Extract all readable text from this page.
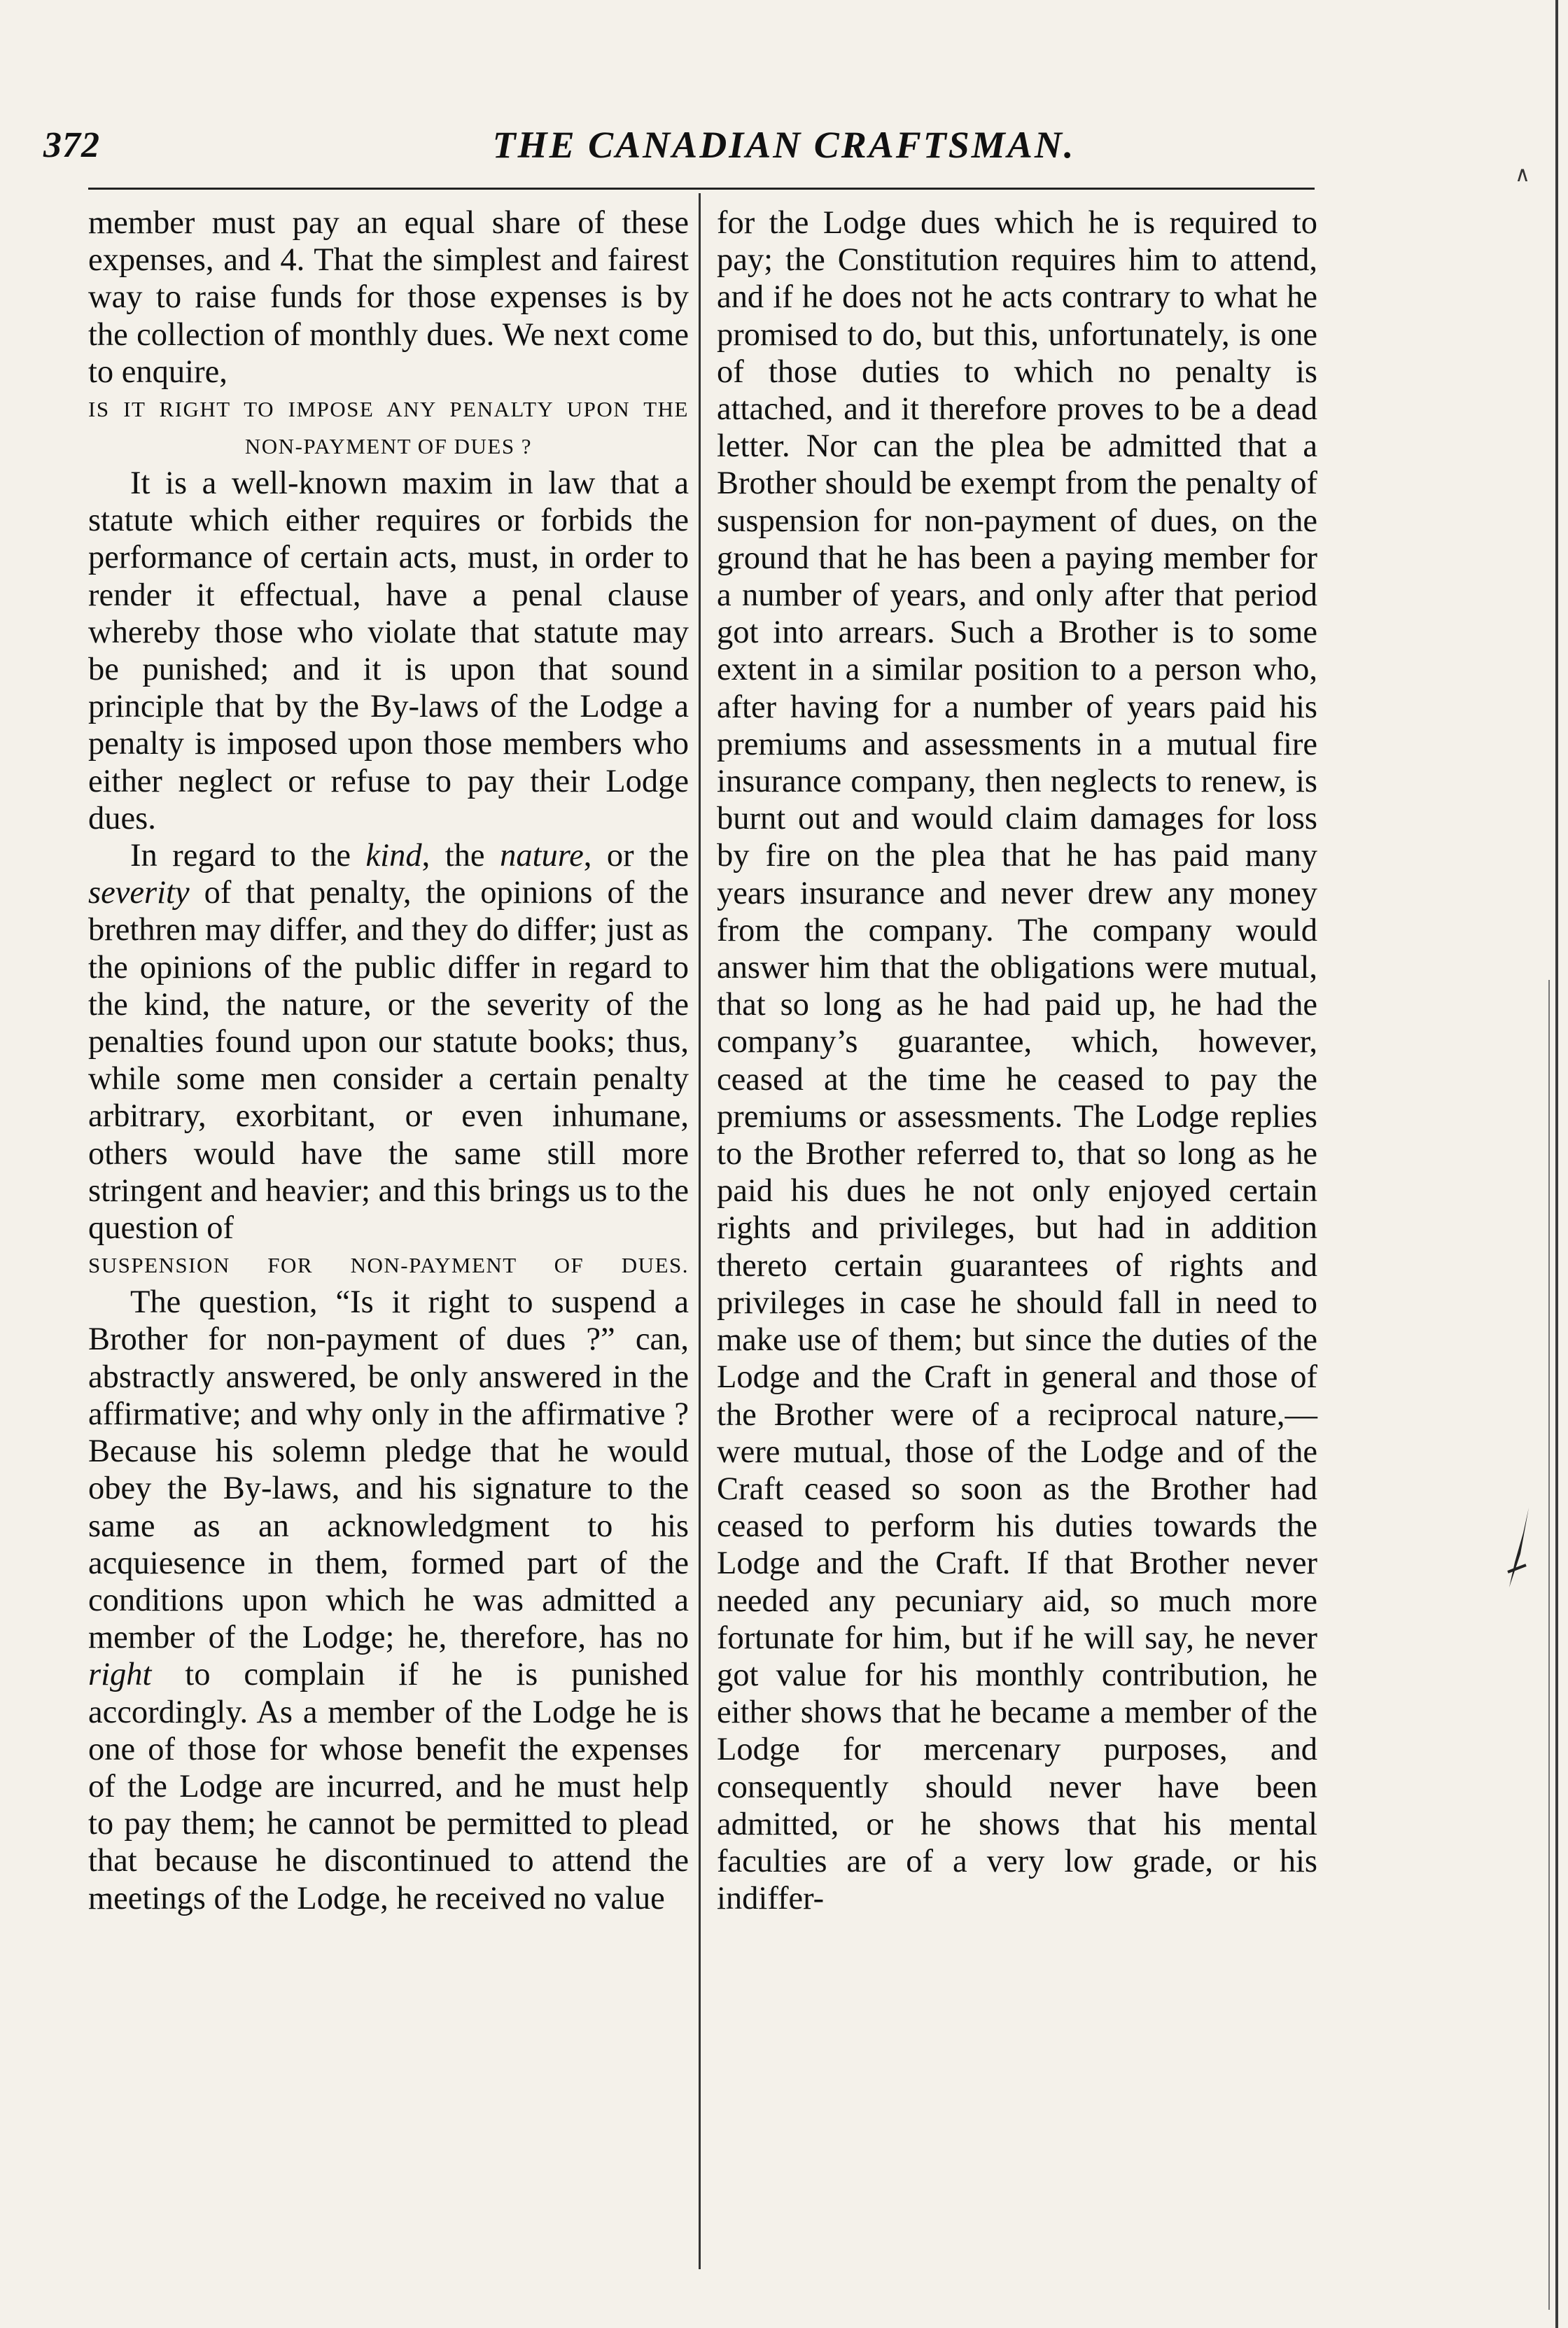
372	THE CANADIAN CRAFTSMAN.

member must pay an equal share of these expenses, and 4. That the simplest and fairest way to raise funds for those expenses is by the collection of monthly dues. We next come to enquire,

IS IT RIGHT TO IMPOSE ANY PENALTY UPON THE NON-PAYMENT OF DUES ?

It is a well-known maxim in law that a statute which either requires or forbids the performance of certain acts, must, in order to render it effectual, have a penal clause whereby those who violate that statute may be punished; and it is upon that sound principle that by the By-laws of the Lodge a penalty is imposed upon those members who either neglect or refuse to pay their Lodge dues.

In regard to the kind, the nature, or the severity of that penalty, the opinions of the brethren may differ, and they do differ; just as the opinions of the public differ in regard to the kind, the nature, or the severity of the penalties found upon our statute books; thus, while some men consider a certain penalty arbitrary, exorbitant, or even inhumane, others would have the same still more stringent and heavier; and this brings us to the question of

SUSPENSION FOR NON-PAYMENT OF DUES.

The question, “Is it right to suspend a Brother for non-payment of dues ?” can, abstractly answered, be only answered in the affirmative; and why only in the affirmative ? Because his solemn pledge that he would obey the By-laws, and his signature to the same as an acknowledgment to his acquiesence in them, formed part of the conditions upon which he was admitted a member of the Lodge; he, therefore, has no right to complain if he is punished accordingly. As a member of the Lodge he is one of those for whose benefit the expenses of the Lodge are incurred, and he must help to pay them; he cannot be permitted to plead that because he discontinued to attend the meetings of the Lodge, he received no value

for the Lodge dues which he is required to pay; the Constitution requires him to attend, and if he does not he acts contrary to what he promised to do, but this, unfortunately, is one of those duties to which no penalty is attached, and it therefore proves to be a dead letter. Nor can the plea be admitted that a Brother should be exempt from the penalty of suspension for non-payment of dues, on the ground that he has been a paying member for a number of years, and only after that period got into arrears. Such a Brother is to some extent in a similar position to a person who, after having for a number of years paid his premiums and assessments in a mutual fire insurance company, then neglects to renew, is burnt out and would claim damages for loss by fire on the plea that he has paid many years insurance and never drew any money from the company. The company would answer him that the obligations were mutual, that so long as he had paid up, he had the company’s guarantee, which, however, ceased at the time he ceased to pay the premiums or assessments. The Lodge replies to the Brother referred to, that so long as he paid his dues he not only enjoyed certain rights and privileges, but had in addition thereto certain guarantees of rights and privileges in case he should fall in need to make use of them; but since the duties of the Lodge and the Craft in general and those of the Brother were of a reciprocal nature,—were mutual, those of the Lodge and of the Craft ceased so soon as the Brother had ceased to perform his duties towards the Lodge and the Craft. If that Brother never needed any pecuniary aid, so much more fortunate for him, but if he will say, he never got value for his monthly contribution, he either shows that he became a member of the Lodge for mercenary purposes, and consequently should never have been admitted, or he shows that his mental faculties are of a very low grade, or his indiffer-

∧
